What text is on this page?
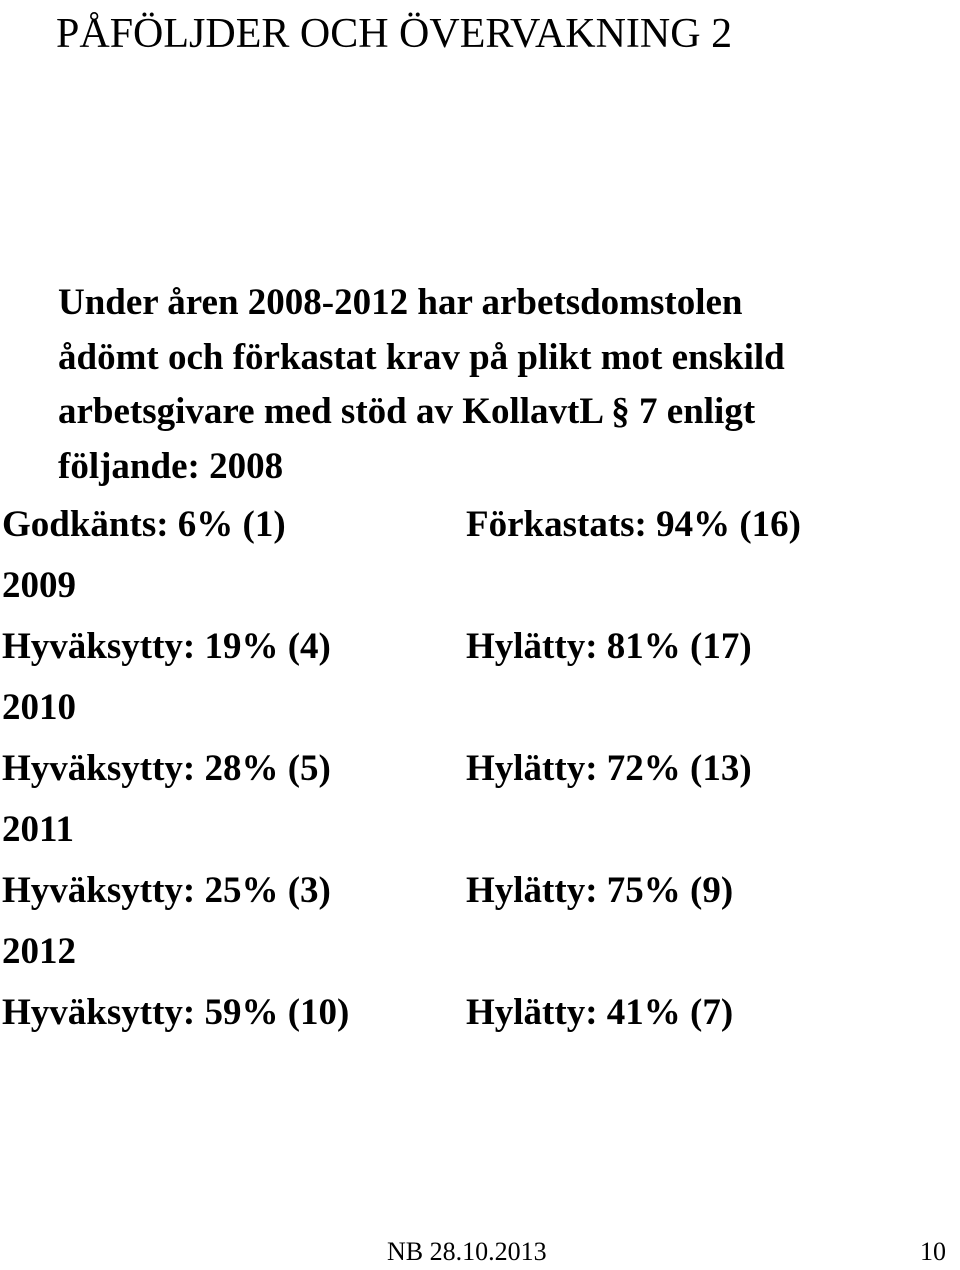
PÅFÖLJDER OCH ÖVERVAKNING 2
Under åren 2008-2012 har arbetsdomstolen
ådömt och förkastat krav på plikt mot enskild
arbetsgivare med stöd av KollavtL § 7 enligt
följande: 2008
Godkänts: 6% (1)	Förkastats: 94% (16)
2009
Hyväksytty: 19% (4)	Hylätty: 81% (17)
2010
Hyväksytty: 28% (5)	Hylätty: 72% (13)
2011
Hyväksytty: 25% (3)	Hylätty: 75% (9)
2012
Hyväksytty: 59% (10)	Hylätty: 41% (7)
NB 28.10.2013	10
